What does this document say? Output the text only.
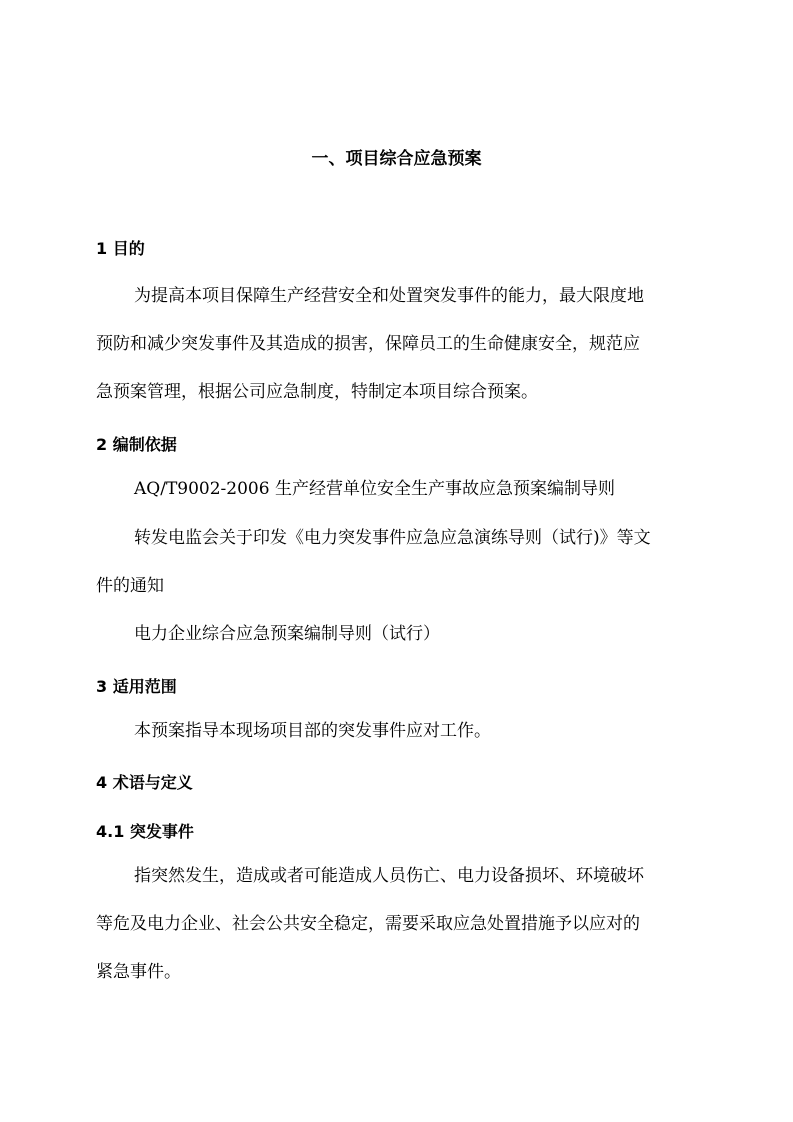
一、项目综合应急预案
1 目的
为提高本项目保障生产经营安全和处置突发事件的能力，最大限度地
预防和减少突发事件及其造成的损害，保障员工的生命健康安全，规范应
急预案管理，根据公司应急制度，特制定本项目综合预案。
2 编制依据
AQ/T9002-2006 生产经营单位安全生产事故应急预案编制导则
转发电监会关于印发《电力突发事件应急应急演练导则（试行)》等文
件的通知
电力企业综合应急预案编制导则（试行）
3 适用范围
本预案指导本现场项目部的突发事件应对工作。
4 术语与定义
4.1 突发事件
指突然发生，造成或者可能造成人员伤亡、电力设备损坏、环境破坏
等危及电力企业、社会公共安全稳定，需要采取应急处置措施予以应对的
紧急事件。
